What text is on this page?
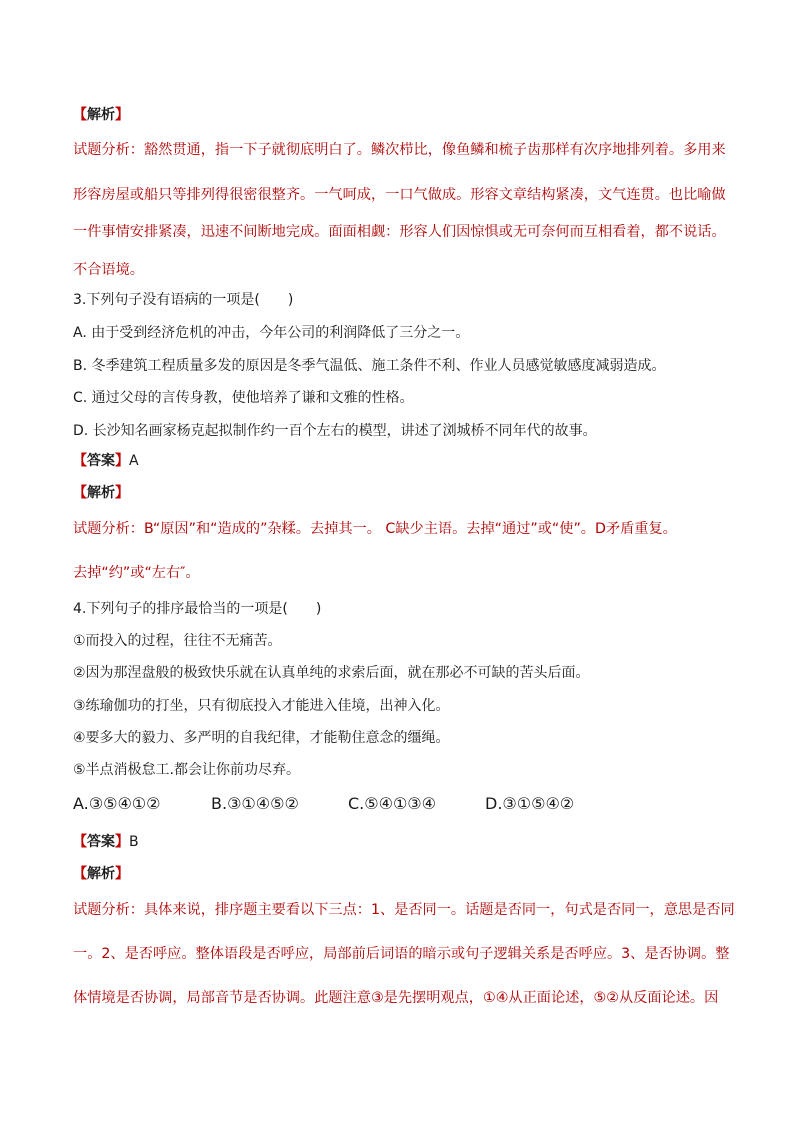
【解析】
试题分析：豁然贯通，指一下子就彻底明白了。鳞次栉比，像鱼鳞和梳子齿那样有次序地排列着。多用来
形容房屋或船只等排列得很密很整齐。一气呵成，一口气做成。形容文章结构紧凑，文气连贯。也比喻做
一件事情安排紧凑，迅速不间断地完成。面面相觑：形容人们因惊惧或无可奈何而互相看着，都不说话。
不合语境。
3.下列句子没有语病的一项是(　　)
A. 由于受到经济危机的冲击，今年公司的利润降低了三分之一。
B. 冬季建筑工程质量多发的原因是冬季气温低、施工条件不利、作业人员感觉敏感度减弱造成。
C. 通过父母的言传身教，使他培养了谦和文雅的性格。
D. 长沙知名画家杨克起拟制作约一百个左右的模型，讲述了浏城桥不同年代的故事。
【答案】A
【解析】
试题分析：B“原因”和“造成的”杂糅。去掉其一。 C缺少主语。去掉“通过”或“使”。D矛盾重复。
去掉“约”或“左右″。
4.下列句子的排序最恰当的一项是(　　)
①而投入的过程，往往不无痛苦。
②因为那涅盘般的极致快乐就在认真单纯的求索后面，就在那必不可缺的苦头后面。
③练瑜伽功的打坐，只有彻底投入才能进入佳境，出神入化。
④要多大的毅力、多严明的自我纪律，才能勒住意念的缰绳。
⑤半点消极怠工.都会让你前功尽弃。
A.③⑤④①②	B.③①④⑤②	C.⑤④①③④	D.③①⑤④②
【答案】B
【解析】
试题分析：具体来说，排序题主要看以下三点：1、是否同一。话题是否同一，句式是否同一，意思是否同
一。2、是否呼应。整体语段是否呼应，局部前后词语的暗示或句子逻辑关系是否呼应。3、是否协调。整
体情境是否协调，局部音节是否协调。此题注意③是先摆明观点，①④从正面论述，⑤②从反面论述。因
